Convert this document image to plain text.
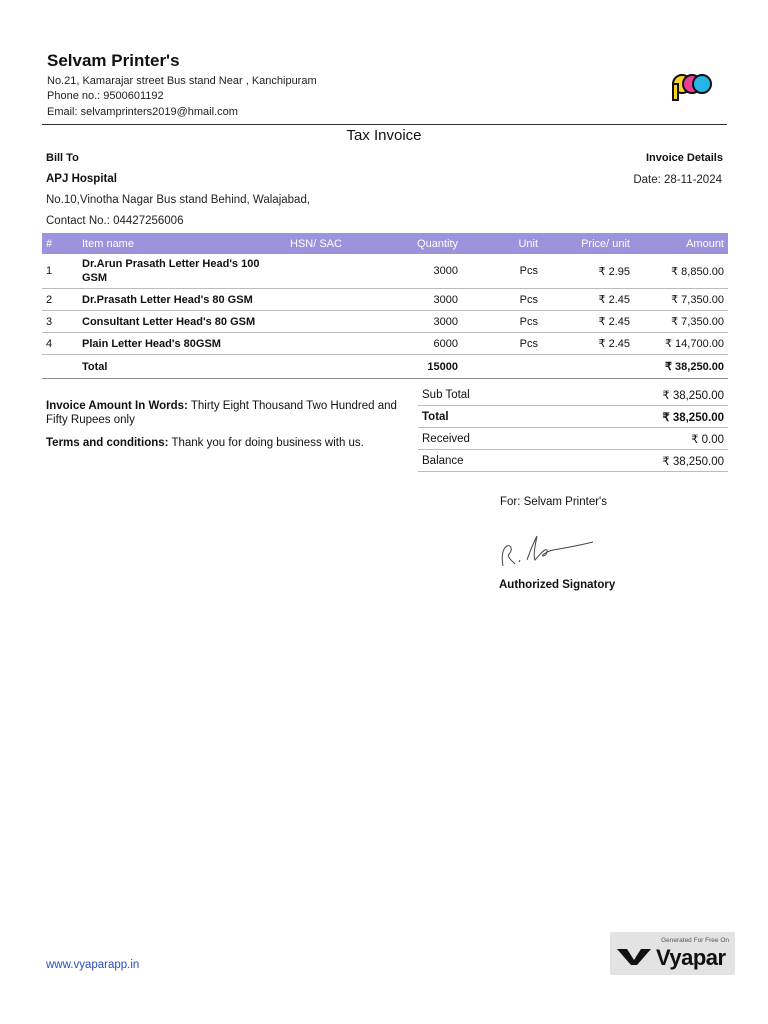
Selvam Printer's
No.21, Kamarajar street Bus stand Near , Kanchipuram
Phone no.: 9500601192
Email: selvamprinters2019@hmail.com
Tax Invoice
Bill To	Invoice Details
APJ Hospital	Date: 28-11-2024
No.10,Vinotha Nagar Bus stand Behind, Walajabad,
Contact No.: 04427256006
#	Item name	HSN/ SAC	Quantity	Unit	Price/ unit	Amount
1	Dr.Arun Prasath Letter Head's 100 GSM		3000	Pcs	₹ 2.95	₹ 8,850.00
2	Dr.Prasath Letter Head's 80 GSM		3000	Pcs	₹ 2.45	₹ 7,350.00
3	Consultant Letter Head's 80 GSM		3000	Pcs	₹ 2.45	₹ 7,350.00
4	Plain Letter Head's 80GSM		6000	Pcs	₹ 2.45	₹ 14,700.00
	Total		15000			₹ 38,250.00
Invoice Amount In Words: Thirty Eight Thousand Two Hundred and Fifty Rupees only
Terms and conditions: Thank you for doing business with us.
Sub Total	₹ 38,250.00
Total	₹ 38,250.00
Received	₹ 0.00
Balance	₹ 38,250.00
For: Selvam Printer's
Authorized Signatory
www.vyaparapp.in
Generated For Free On
Vyapar
